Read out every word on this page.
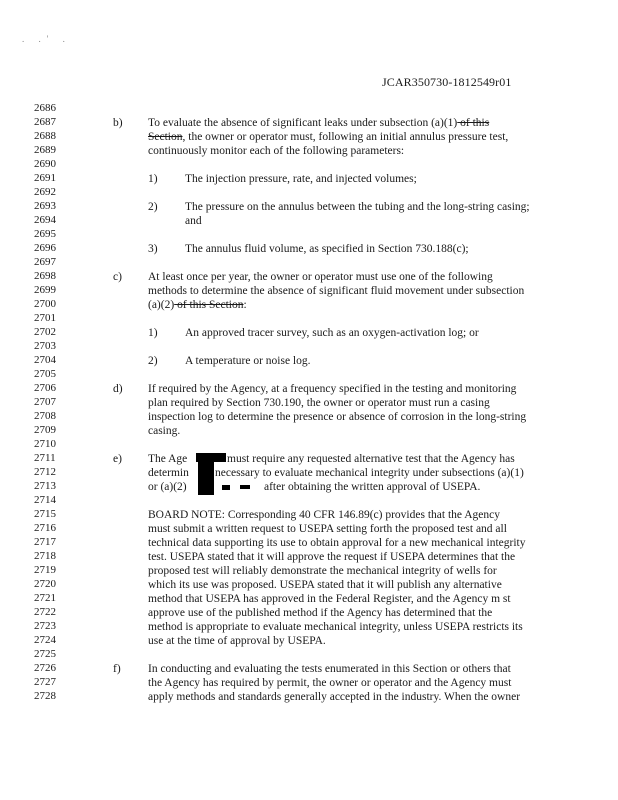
. .' .
JCAR350730-1812549r01
2686
2687
2688
2689
2690
2691
2692
2693
2694
2695
2696
2697
2698
2699
2700
2701
2702
2703
2704
2705
2706
2707
2708
2709
2710
2711
2712
2713
2714
2715
2716
2717
2718
2719
2720
2721
2722
2723
2724
2725
2726
2727
2728
b) To evaluate the absence of significant leaks under subsection (a)(1) of this
Section, the owner or operator must, following an initial annulus pressure test,
continuously monitor each of the following parameters:
1) The injection pressure, rate, and injected volumes;
2) The pressure on the annulus between the tubing and the long-string casing;
and
3) The annulus fluid volume, as specified in Section 730.188(c);
c) At least once per year, the owner or operator must use one of the following
methods to determine the absence of significant fluid movement under subsection
(a)(2) of this Section:
1) An approved tracer survey, such as an oxygen-activation log; or
2) A temperature or noise log.
d) If required by the Agency, at a frequency specified in the testing and monitoring
plan required by Section 730.190, the owner or operator must run a casing
inspection log to determine the presence or absence of corrosion in the long-string
casing.
e) The Age	must require any requested alternative test that the Agency has
determin necessary to evaluate mechanical integrity under subsections (a)(1)
or (a)(2)	after obtaining the written approval of USEPA.
BOARD NOTE: Corresponding 40 CFR 146.89(c) provides that the Agency
must submit a written request to USEPA setting forth the proposed test and all
technical data supporting its use to obtain approval for a new mechanical integrity
test. USEPA stated that it will approve the request if USEPA determines that the
proposed test will reliably demonstrate the mechanical integrity of wells for
which its use was proposed. USEPA stated that it will publish any alternative
method that USEPA has approved in the Federal Register, and the Agency m st
approve use of the published method if the Agency has determined that the
method is appropriate to evaluate mechanical integrity, unless USEPA restricts its
use at the time of approval by USEPA.
f) In conducting and evaluating the tests enumerated in this Section or others that
the Agency has required by permit, the owner or operator and the Agency must
apply methods and standards generally accepted in the industry. When the owner
